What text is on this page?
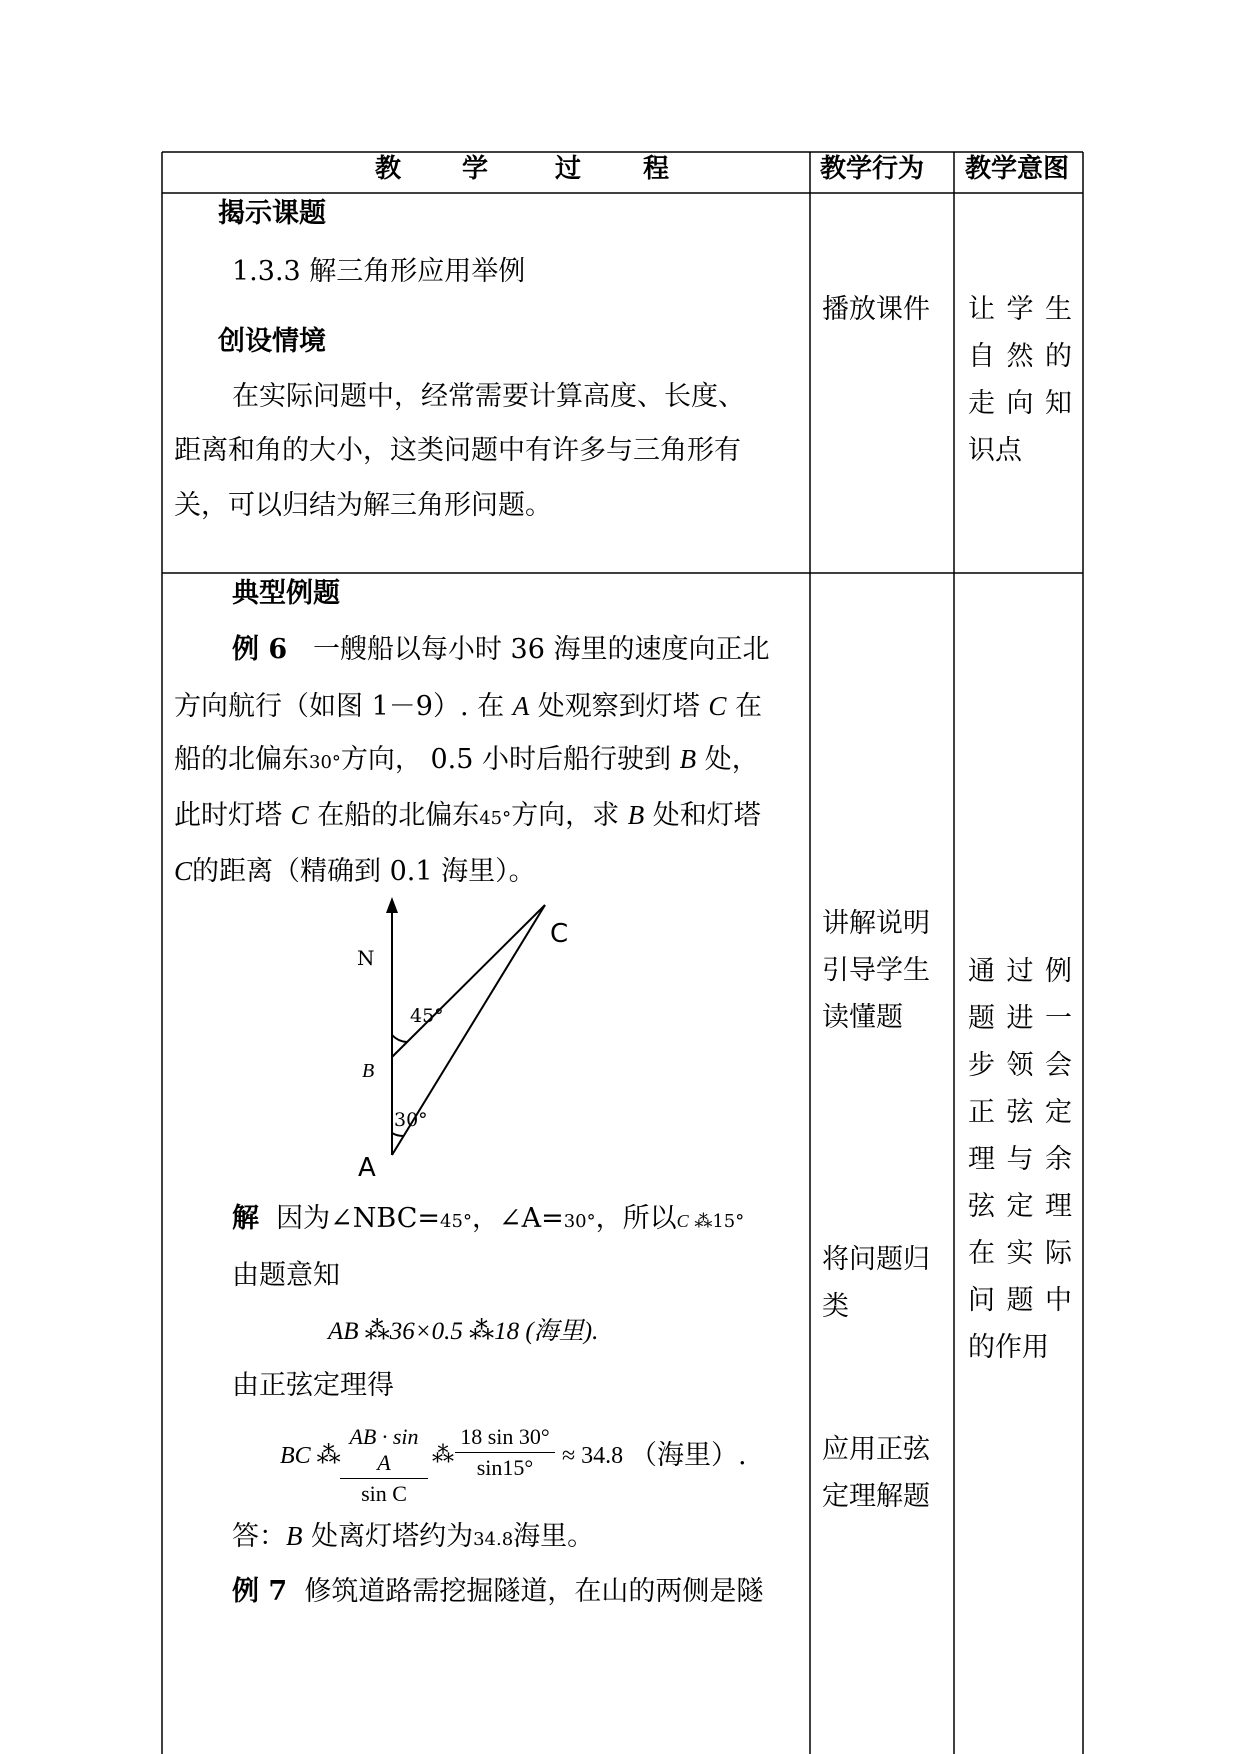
教 学	过 程	教学行为 教学意图
揭示课题
1.3.3 解三角形应用举例
创设情境
在实际问题中，经常需要计算高度、长度、
距离和角的大小，这类问题中有许多与三角形有
关，可以归结为解三角形问题。
播放课件 让学生
自然的
走向知
识点
典型例题
例 6 一艘船以每小时 36 海里的速度向正北
方向航行（如图 1－9）. 在 A 处观察到灯塔 C 在
船的北偏东30°方向， 0.5 小时后船行驶到 B 处，
此时灯塔 C 在船的北偏东45°方向，求 B 处和灯塔
C的距离（精确到 0.1 海里）。
N
C
B
A
45°
30°
解 因为∠NBC=45°，∠A=30°，所以C ⁂15°
由题意知
AB ⁂36×0.5 ⁂18 (海里).
由正弦定理得
BC ⁂ $\frac{\text{AB · sin A}}{\text{sin C}}$ ⁂ $\frac{18 \sin 30^\circ}{\sin 15^\circ} \approx 34.8$ （海里）.
答：B 处离灯塔约为34.8海里。
例 7 修筑道路需挖掘隧道，在山的两侧是隧
讲解说明
引导学生
读懂题
将问题归
类
应用正弦
定理解题
通过例
题进一
步领会
正弦定
理与余
弦定理
在实际
问题中
的作用
